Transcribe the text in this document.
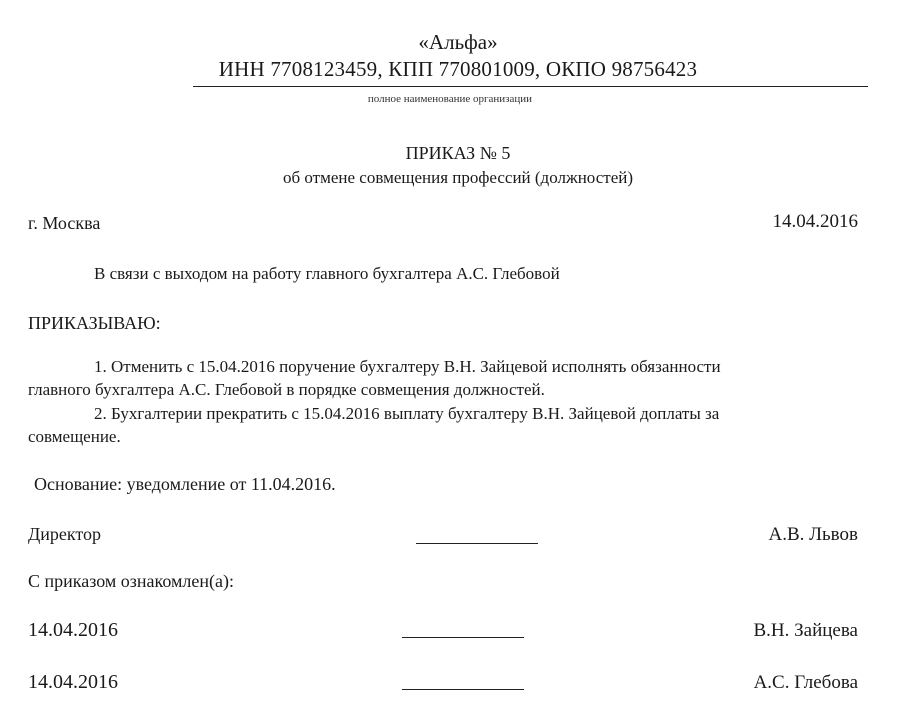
«Альфа»
ИНН 7708123459, КПП 770801009, ОКПО 98756423
полное наименование организации
ПРИКАЗ № 5
об отмене совмещения профессий (должностей)
г. Москва	14.04.2016
В связи с выходом на работу главного бухгалтера А.С. Глебовой
ПРИКАЗЫВАЮ:
1. Отменить с 15.04.2016 поручение бухгалтеру В.Н. Зайцевой исполнять обязанности
главного бухгалтера А.С. Глебовой в порядке совмещения должностей.
2. Бухгалтерии прекратить с 15.04.2016 выплату бухгалтеру В.Н. Зайцевой доплаты за
совмещение.
Основание: уведомление от 11.04.2016.
Директор	А.В. Львов
С приказом ознакомлен(а):
14.04.2016	В.Н. Зайцева
14.04.2016	А.С. Глебова
